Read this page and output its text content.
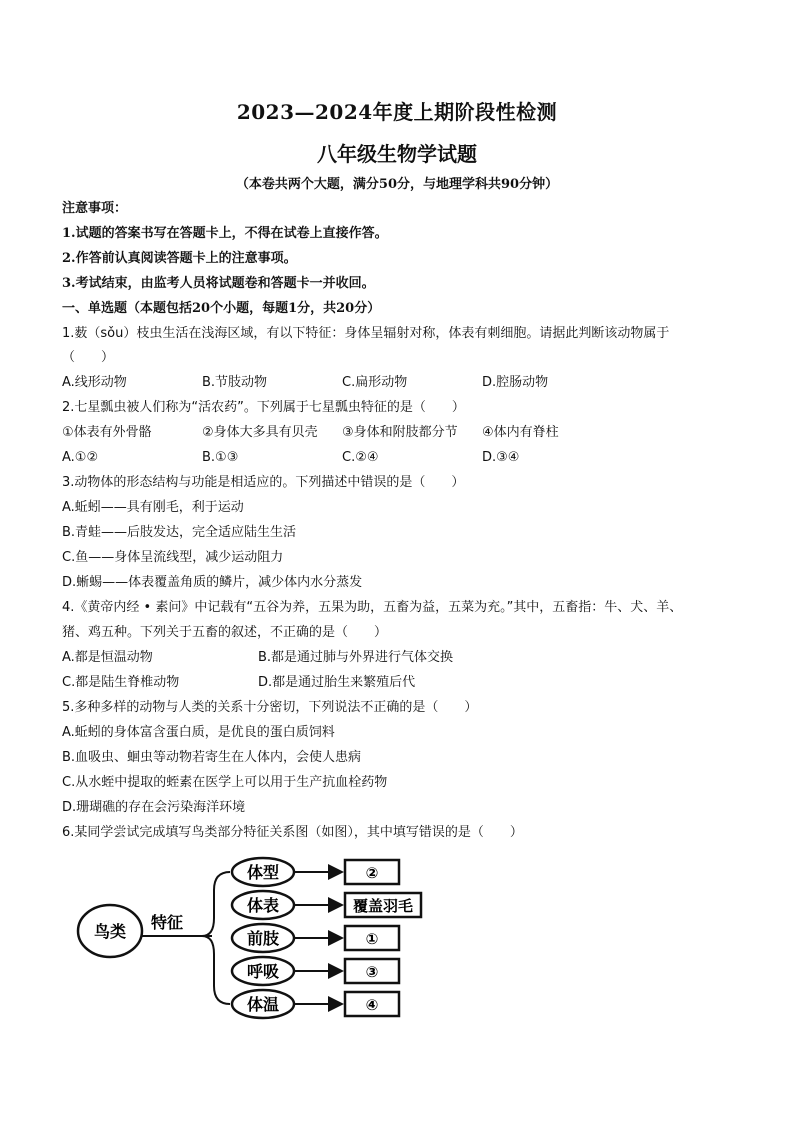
2023—2024年度上期阶段性检测
八年级生物学试题
（本卷共两个大题，满分50分，与地理学科共90分钟）
注意事项：
1.试题的答案书写在答题卡上，不得在试卷上直接作答。
2.作答前认真阅读答题卡上的注意事项。
3.考试结束，由监考人员将试题卷和答题卡一并收回。
一、单选题（本题包括20个小题，每题1分，共20分）
1.薮（sǒu）枝虫生活在浅海区域，有以下特征：身体呈辐射对称，体表有刺细胞。请据此判断该动物属于
（　　）
A.线形动物	B.节肢动物	C.扁形动物	D.腔肠动物
2.七星瓢虫被人们称为“活农药”。下列属于七星瓢虫特征的是（　　）
①体表有外骨骼	②身体大多具有贝壳 ③身体和附肢都分节 ④体内有脊柱
A.①②	B.①③	C.②④	D.③④
3.动物体的形态结构与功能是相适应的。下列描述中错误的是（　　）
A.蚯蚓——具有刚毛，利于运动
B.青蛙——后肢发达，完全适应陆生生活
C.鱼——身体呈流线型，减少运动阻力
D.蜥蜴——体表覆盖角质的鳞片，减少体内水分蒸发
4.《黄帝内经 • 素问》中记载有“五谷为养，五果为助，五畜为益，五菜为充。”其中，五畜指：牛、犬、羊、
猪、鸡五种。下列关于五畜的叙述，不正确的是（　　）
A.都是恒温动物	B.都是通过肺与外界进行气体交换
C.都是陆生脊椎动物	D.都是通过胎生来繁殖后代
5.多种多样的动物与人类的关系十分密切，下列说法不正确的是（　　）
A.蚯蚓的身体富含蛋白质，是优良的蛋白质饲料
B.血吸虫、蛔虫等动物若寄生在人体内，会使人患病
C.从水蛭中提取的蛭素在医学上可以用于生产抗血栓药物
D.珊瑚礁的存在会污染海洋环境
6.某同学尝试完成填写鸟类部分特征关系图（如图），其中填写错误的是（　　）
鸟类 特征
体型	②
体表	覆盖羽毛
前肢	①
呼吸	③
体温	④
